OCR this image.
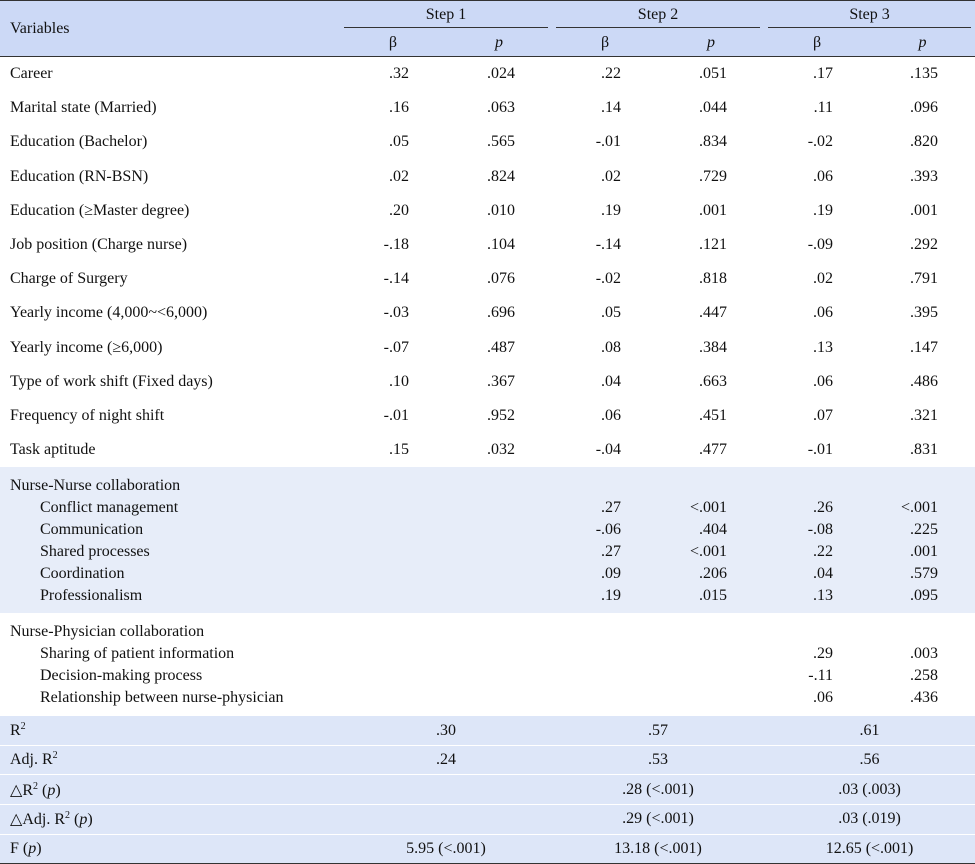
Variables	Step 1		Step 2		Step 3	

	β	p	β	p	β	p
Career	.32	.024	.22	.051	.17	.135
Marital state (Married)	.16	.063	.14	.044	.11	.096
Education (Bachelor)	.05	.565	-.01	.834	-.02	.820
Education (RN-BSN)	.02	.824	.02	.729	.06	.393
Education (≥Master degree)	.20	.010	.19	.001	.19	.001
Job position (Charge nurse)	-.18	.104	-.14	.121	-.09	.292
Charge of Surgery	-.14	.076	-.02	.818	.02	.791
Yearly income (4,000~<6,000)	-.03	.696	.05	.447	.06	.395
Yearly income (≥6,000)	-.07	.487	.08	.384	.13	.147
Type of work shift (Fixed days)	.10	.367	.04	.663	.06	.486
Frequency of night shift	-.01	.952	.06	.451	.07	.321
Task aptitude	.15	.032	-.04	.477	-.01	.831
Nurse-Nurse collaboration						
Conflict management			.27	<.001	.26	<.001
Communication			-.06	.404	-.08	.225
Shared processes			.27	<.001	.22	.001
Coordination			.09	.206	.04	.579
Professionalism			.19	.015	.13	.095
Nurse-Physician collaboration						
Sharing of patient information					.29	.003
Decision-making process					-.11	.258
Relationship between nurse-physician					.06	.436
$R^2$	.30		.57		.61	
Adj. $R^2$	.24		.53		.56	
$\triangle R^2$ (p)			.28 (<.001)		.03 (.003)	
△Adj. $R^2$ (p)			.29 (<.001)		.03 (.019)	
F (p)	5.95 (<.001)		13.18 (<.001)		12.65 (<.001)	
